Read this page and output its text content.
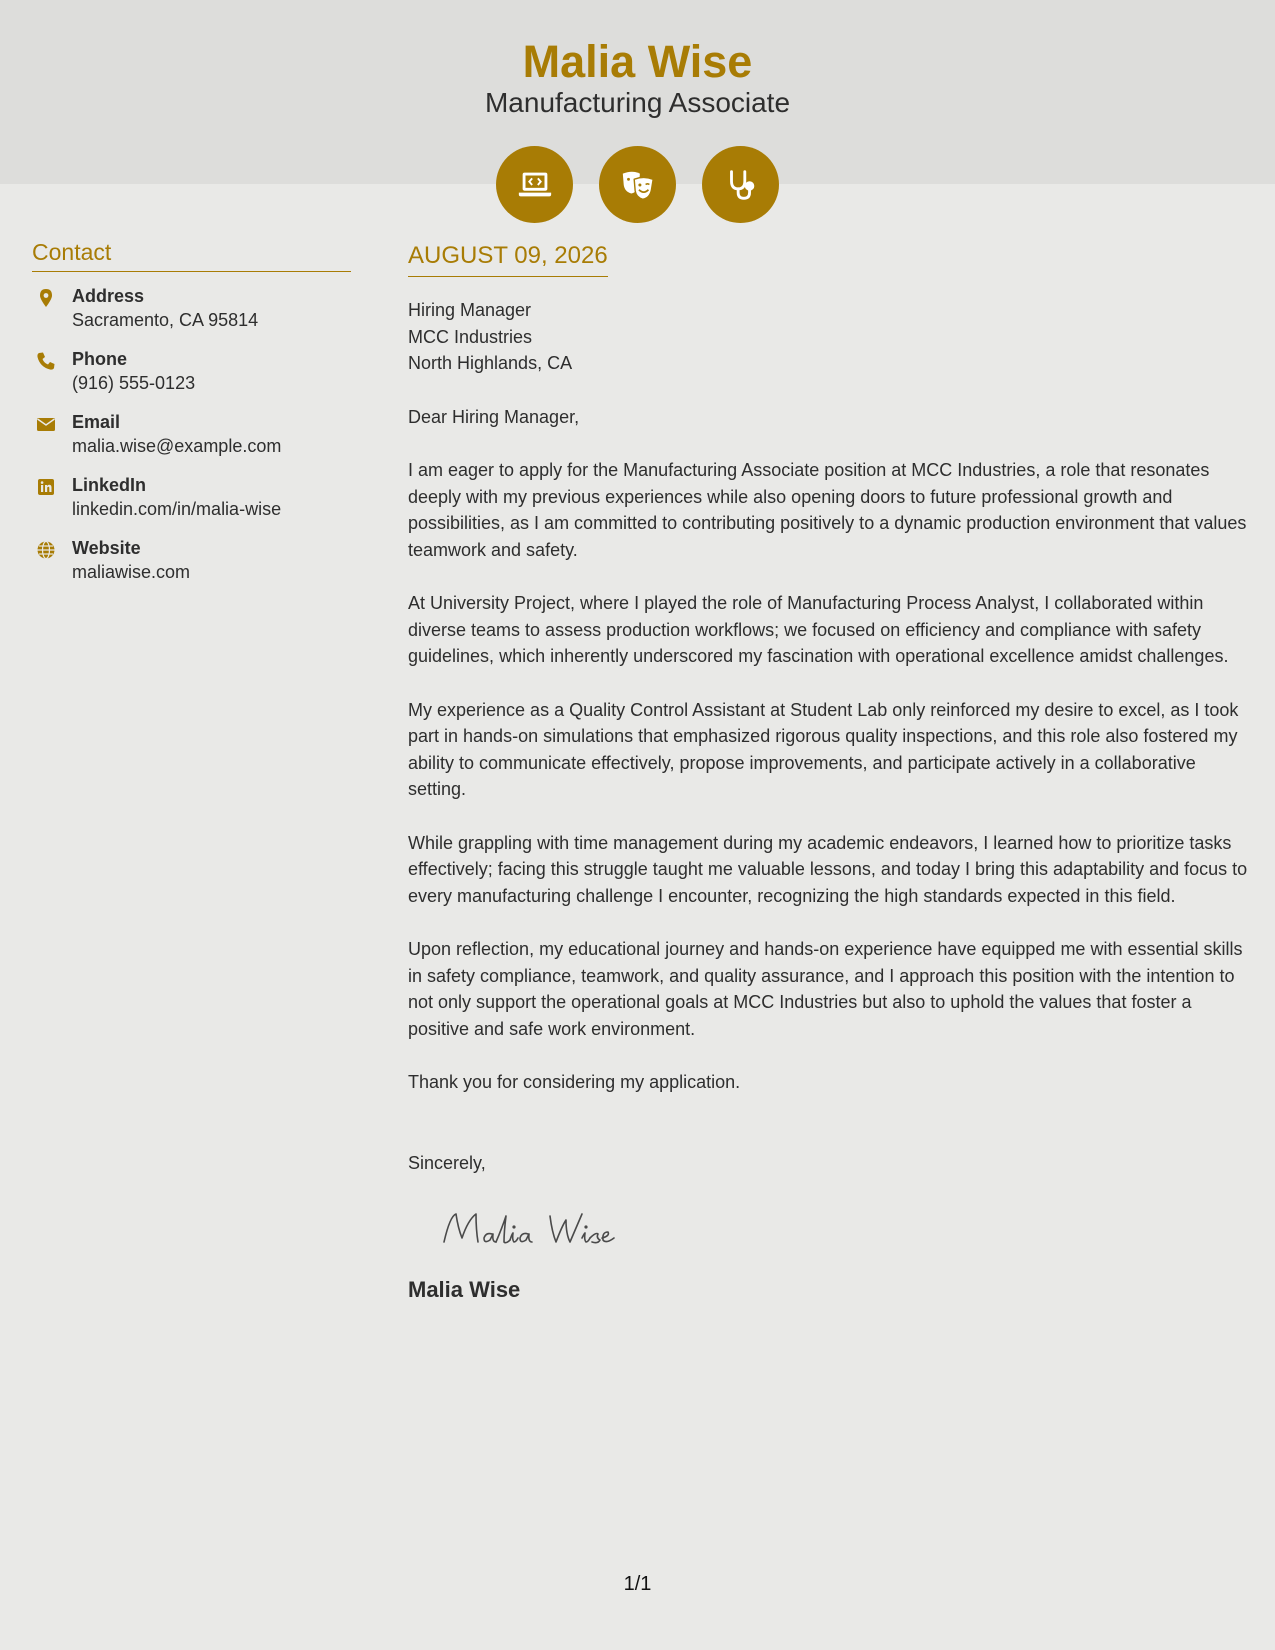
Malia Wise
Manufacturing Associate
Contact
Address
Sacramento, CA 95814
Phone
(916) 555-0123
Email
malia.wise@example.com
LinkedIn
linkedin.com/in/malia-wise
Website
maliawise.com
AUGUST 09, 2026
Hiring Manager
MCC Industries
North Highlands, CA
Dear Hiring Manager,

I am eager to apply for the Manufacturing Associate position at MCC Industries, a role that resonates deeply with my previous experiences while also opening doors to future professional growth and possibilities, as I am committed to contributing positively to a dynamic production environment that values teamwork and safety.

At University Project, where I played the role of Manufacturing Process Analyst, I collaborated within diverse teams to assess production workflows; we focused on efficiency and compliance with safety guidelines, which inherently underscored my fascination with operational excellence amidst challenges.

My experience as a Quality Control Assistant at Student Lab only reinforced my desire to excel, as I took part in hands-on simulations that emphasized rigorous quality inspections, and this role also fostered my ability to communicate effectively, propose improvements, and participate actively in a collaborative setting.

While grappling with time management during my academic endeavors, I learned how to prioritize tasks effectively; facing this struggle taught me valuable lessons, and today I bring this adaptability and focus to every manufacturing challenge I encounter, recognizing the high standards expected in this field.

Upon reflection, my educational journey and hands-on experience have equipped me with essential skills in safety compliance, teamwork, and quality assurance, and I approach this position with the intention to not only support the operational goals at MCC Industries but also to uphold the values that foster a positive and safe work environment.

Thank you for considering my application.

Sincerely,
Malia Wise
1/1
